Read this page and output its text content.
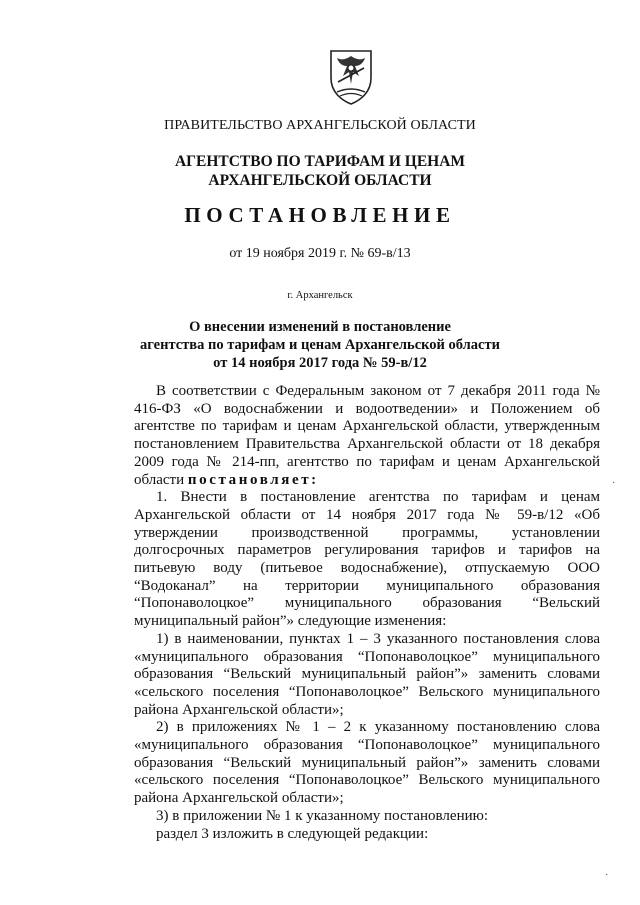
ПРАВИТЕЛЬСТВО АРХАНГЕЛЬСКОЙ ОБЛАСТИ
АГЕНТСТВО ПО ТАРИФАМ И ЦЕНАМ
АРХАНГЕЛЬСКОЙ ОБЛАСТИ
ПОСТАНОВЛЕНИЕ
от 19 ноября 2019 г. № 69-в/13
г. Архангельск
О внесении изменений в постановление
агентства по тарифам и ценам Архангельской области
от 14 ноября 2017 года № 59-в/12
В соответствии с Федеральным законом от 7 декабря 2011 года № 416-ФЗ «О водоснабжении и водоотведении» и Положением об агентстве по тарифам и ценам Архангельской области, утвержденным постановлением Правительства Архангельской области от 18 декабря 2009 года № 214-пп, агентство по тарифам и ценам Архангельской области постановляет:
1. Внести в постановление агентства по тарифам и ценам Архангельской области от 14 ноября 2017 года № 59-в/12 «Об утверждении производственной программы, установлении долгосрочных параметров регулирования тарифов и тарифов на питьевую воду (питьевое водоснабжение), отпускаемую ООО “Водоканал” на территории муниципального образования “Попонаволоцкое” муниципального образования “Вельский муниципальный район”» следующие изменения:
1) в наименовании, пунктах 1 – 3 указанного постановления слова «муниципального образования “Попонаволоцкое” муниципального образования “Вельский муниципальный район”» заменить словами «сельского поселения “Попонаволоцкое” Вельского муниципального района Архангельской области»;
2) в приложениях № 1 – 2 к указанному постановлению слова «муниципального образования “Попонаволоцкое” муниципального образования “Вельский муниципальный район”» заменить словами «сельского поселения “Попонаволоцкое” Вельского муниципального района Архангельской области»;
3) в приложении № 1 к указанному постановлению:
раздел 3 изложить в следующей редакции:
·
·
